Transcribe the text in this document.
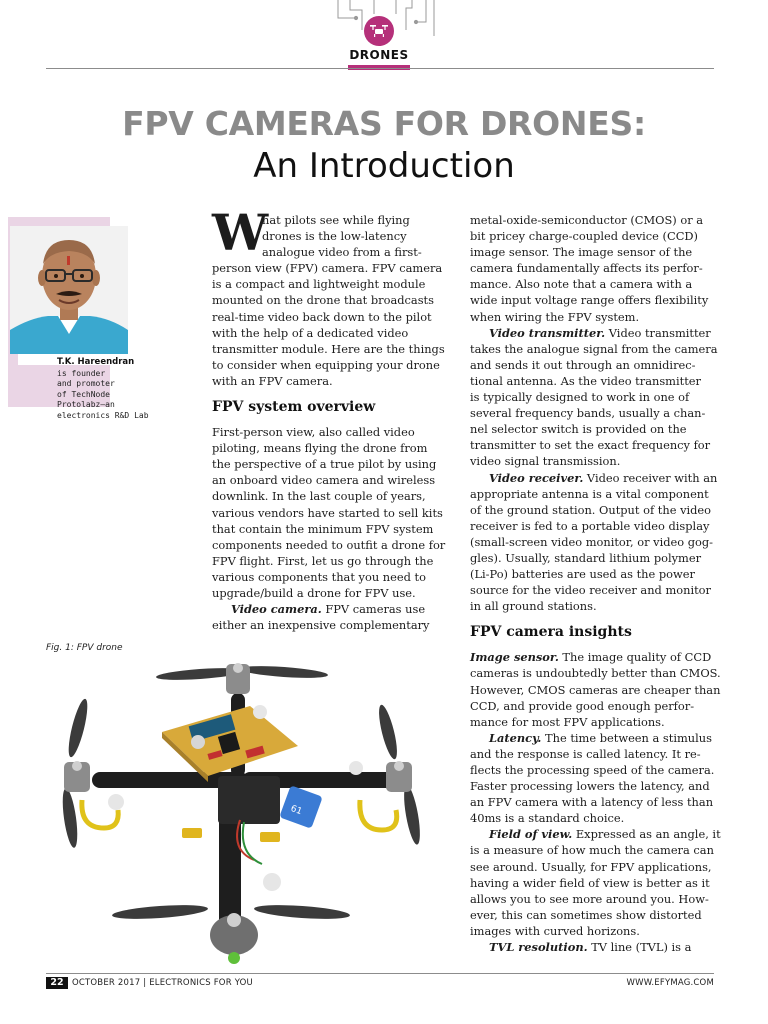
DRONES
FPV CAMERAS FOR DRONES:
An Introduction
T.K. Hareendran
is founder
and promoter
of TechNode
Protolabz—an
electronics R&D Lab
W
hat pilots see while flying
drones is the low-latency
analogue video from a first-
person view (FPV) camera. FPV camera
is a compact and lightweight module
mounted on the drone that broadcasts
real-time video back down to the pilot
with the help of a dedicated video
transmitter module. Here are the things
to consider when equipping your drone
with an FPV camera.
FPV system overview
First-person view, also called video
piloting, means flying the drone from
the perspective of a true pilot by using
an onboard video camera and wireless
downlink. In the last couple of years,
various vendors have started to sell kits
that contain the minimum FPV system
components needed to outfit a drone for
FPV flight. First, let us go through the
various components that you need to
upgrade/build a drone for FPV use.
Video camera. FPV cameras use
either an inexpensive complementary
metal-oxide-semiconductor (CMOS) or a
bit pricey charge-coupled device (CCD)
image sensor. The image sensor of the
camera fundamentally affects its perfor-
mance. Also note that a camera with a
wide input voltage range offers flexibility
when wiring the FPV system.
Video transmitter. Video transmitter
takes the analogue signal from the camera
and sends it out through an omnidirec-
tional antenna. As the video transmitter
is typically designed to work in one of
several frequency bands, usually a chan-
nel selector switch is provided on the
transmitter to set the exact frequency for
video signal transmission.
Video receiver. Video receiver with an
appropriate antenna is a vital component
of the ground station. Output of the video
receiver is fed to a portable video display
(small-screen video monitor, or video gog-
gles). Usually, standard lithium polymer
(Li-Po) batteries are used as the power
source for the video receiver and monitor
in all ground stations.
FPV camera insights
Image sensor. The image quality of CCD
cameras is undoubtedly better than CMOS.
However, CMOS cameras are cheaper than
CCD, and provide good enough perfor-
mance for most FPV applications.
Latency. The time between a stimulus
and the response is called latency. It re-
flects the processing speed of the camera.
Faster processing lowers the latency, and
an FPV camera with a latency of less than
40ms is a standard choice.
Field of view. Expressed as an angle, it
is a measure of how much the camera can
see around. Usually, for FPV applications,
having a wider field of view is better as it
allows you to see more around you. How-
ever, this can sometimes show distorted
images with curved horizons.
TVL resolution. TV line (TVL) is a
Fig. 1: FPV drone
61
22 OCTOBER 2017 | ELECTRONICS FOR YOU	WWW.EFYMAG.COM
